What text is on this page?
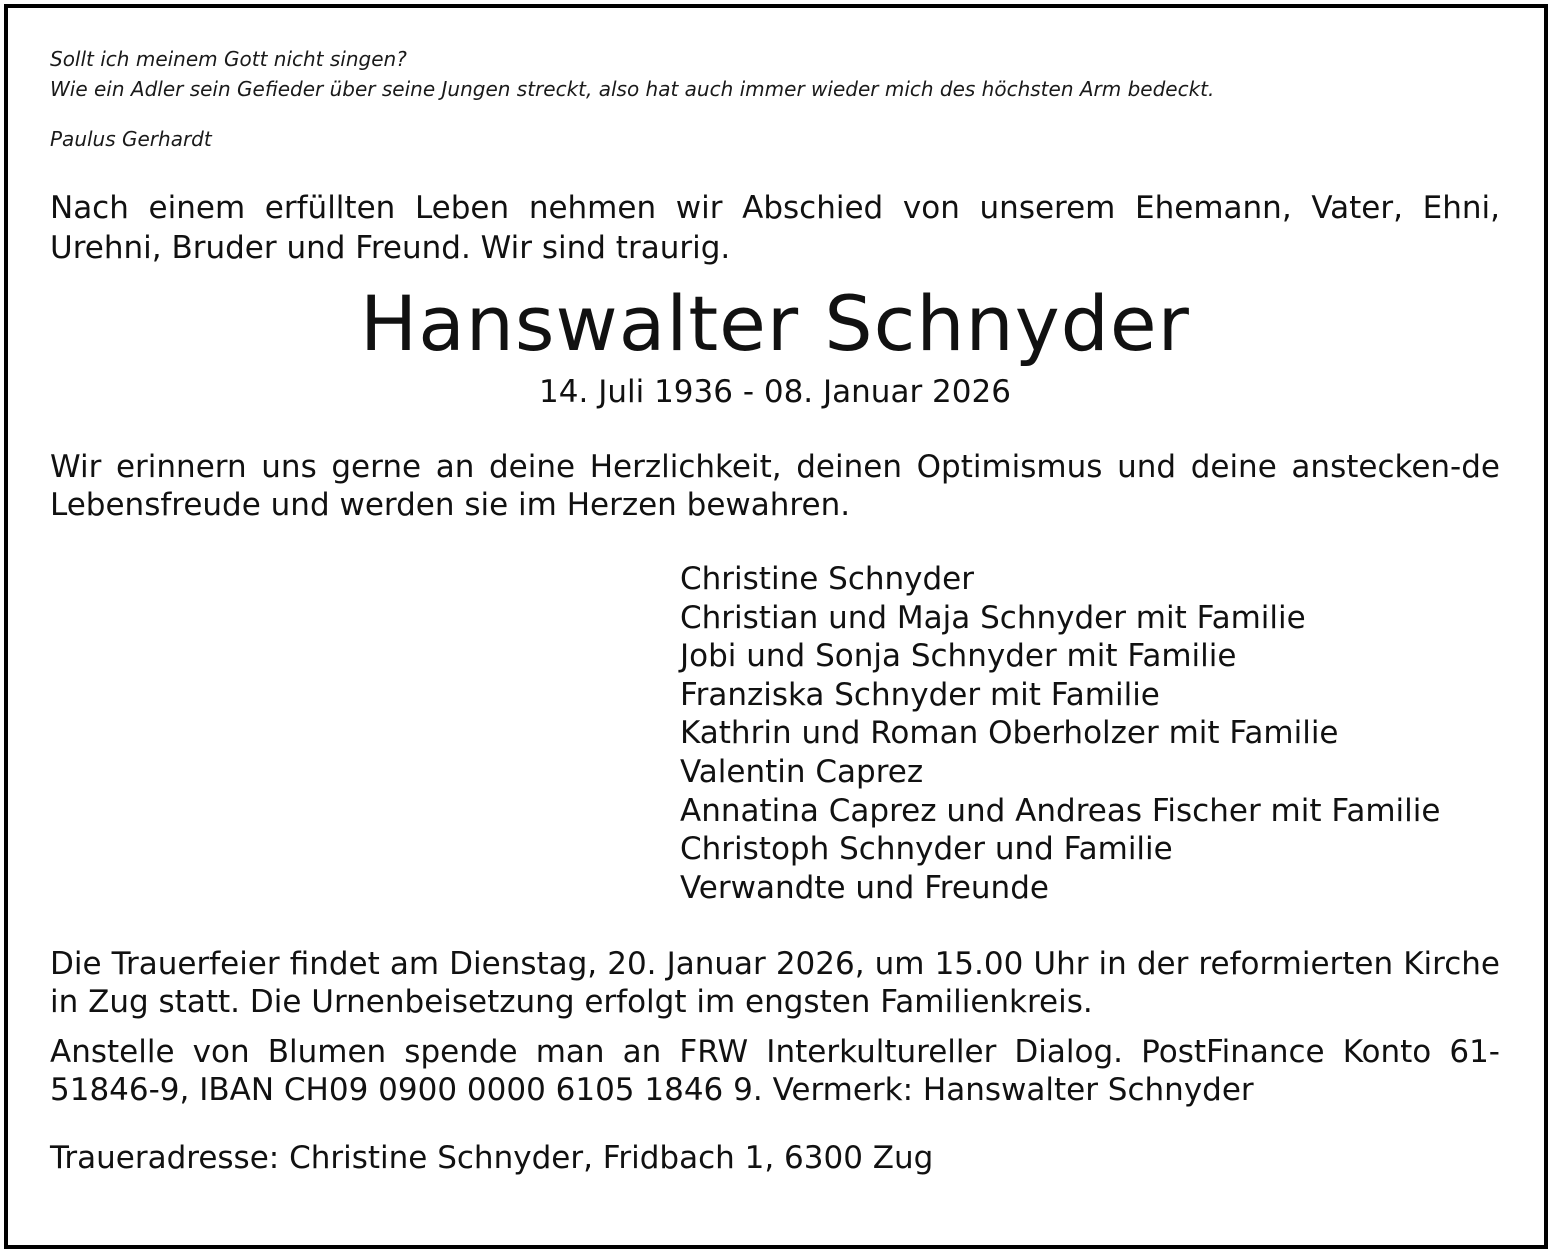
Sollt ich meinem Gott nicht singen?
Wie ein Adler sein Gefieder über seine Jungen streckt, also hat auch immer wieder mich des höchsten Arm bedeckt.
Paulus Gerhardt
Nach einem erfüllten Leben nehmen wir Abschied von unserem Ehemann, Vater, Ehni, Urehni, Bruder und Freund. Wir sind traurig.
Hanswalter Schnyder
14. Juli 1936 - 08. Januar 2026
Wir erinnern uns gerne an deine Herzlichkeit, deinen Optimismus und deine anstecken-de Lebensfreude und werden sie im Herzen bewahren.
Christine Schnyder
Christian und Maja Schnyder mit Familie
Jobi und Sonja Schnyder mit Familie
Franziska Schnyder mit Familie
Kathrin und Roman Oberholzer mit Familie
Valentin Caprez
Annatina Caprez und Andreas Fischer mit Familie
Christoph Schnyder und Familie
Verwandte und Freunde
Die Trauerfeier findet am Dienstag, 20. Januar 2026, um 15.00 Uhr in der reformierten Kirche in Zug statt. Die Urnenbeisetzung erfolgt im engsten Familienkreis.
Anstelle von Blumen spende man an FRW Interkultureller Dialog. PostFinance Konto 61-51846-9, IBAN CH09 0900 0000 6105 1846 9. Vermerk: Hanswalter Schnyder
Traueradresse: Christine Schnyder, Fridbach 1, 6300 Zug
